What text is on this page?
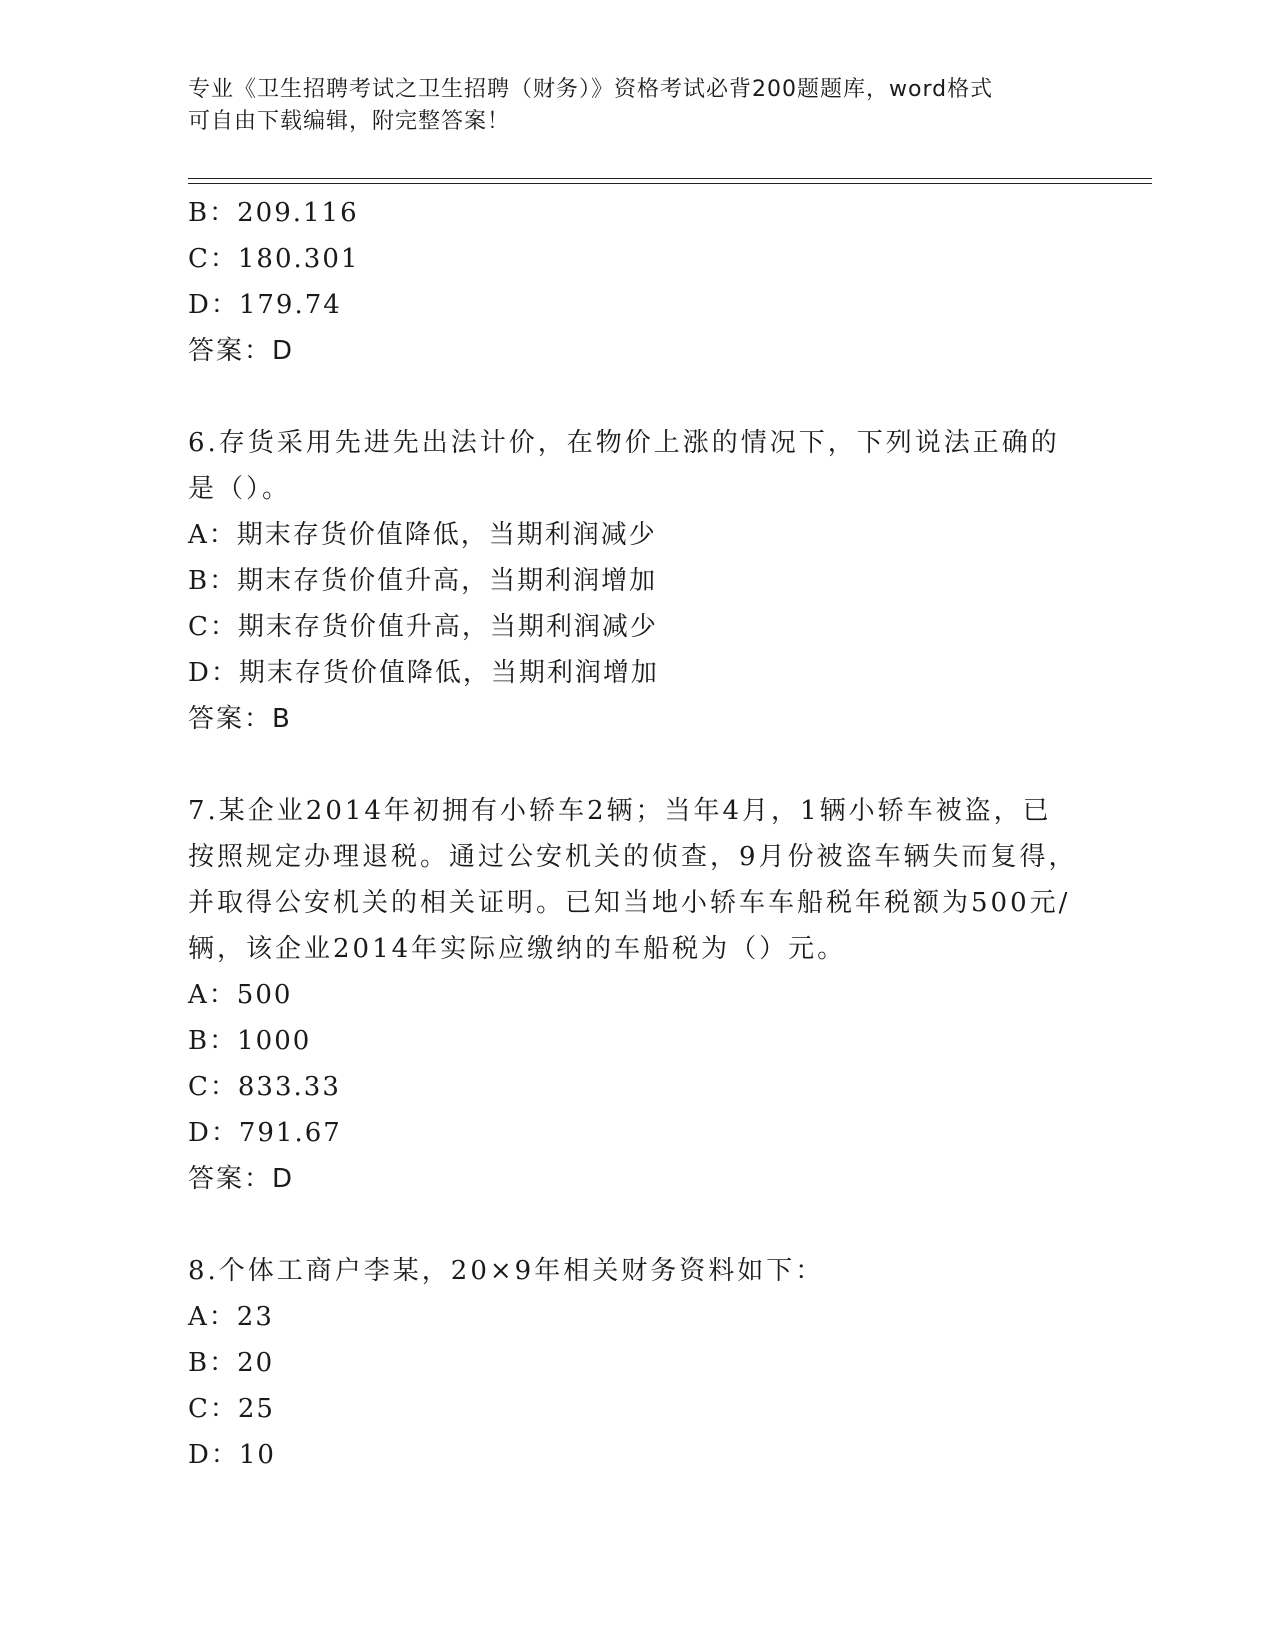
专业《卫生招聘考试之卫生招聘（财务）》资格考试必背200题题库，word格式
可自由下载编辑，附完整答案！
B：209.116
C：180.301
D：179.74
答案：D
6.存货采用先进先出法计价，在物价上涨的情况下，下列说法正确的
是（）。
A：期末存货价值降低，当期利润减少
B：期末存货价值升高，当期利润增加
C：期末存货价值升高，当期利润减少
D：期末存货价值降低，当期利润增加
答案：B
7.某企业2014年初拥有小轿车2辆；当年4月，1辆小轿车被盗，已
按照规定办理退税。通过公安机关的侦查，9月份被盗车辆失而复得，
并取得公安机关的相关证明。已知当地小轿车车船税年税额为500元/
辆，该企业2014年实际应缴纳的车船税为（）元。
A：500
B：1000
C：833.33
D：791.67
答案：D
8.个体工商户李某，20×9年相关财务资料如下：
A：23
B：20
C：25
D：10
